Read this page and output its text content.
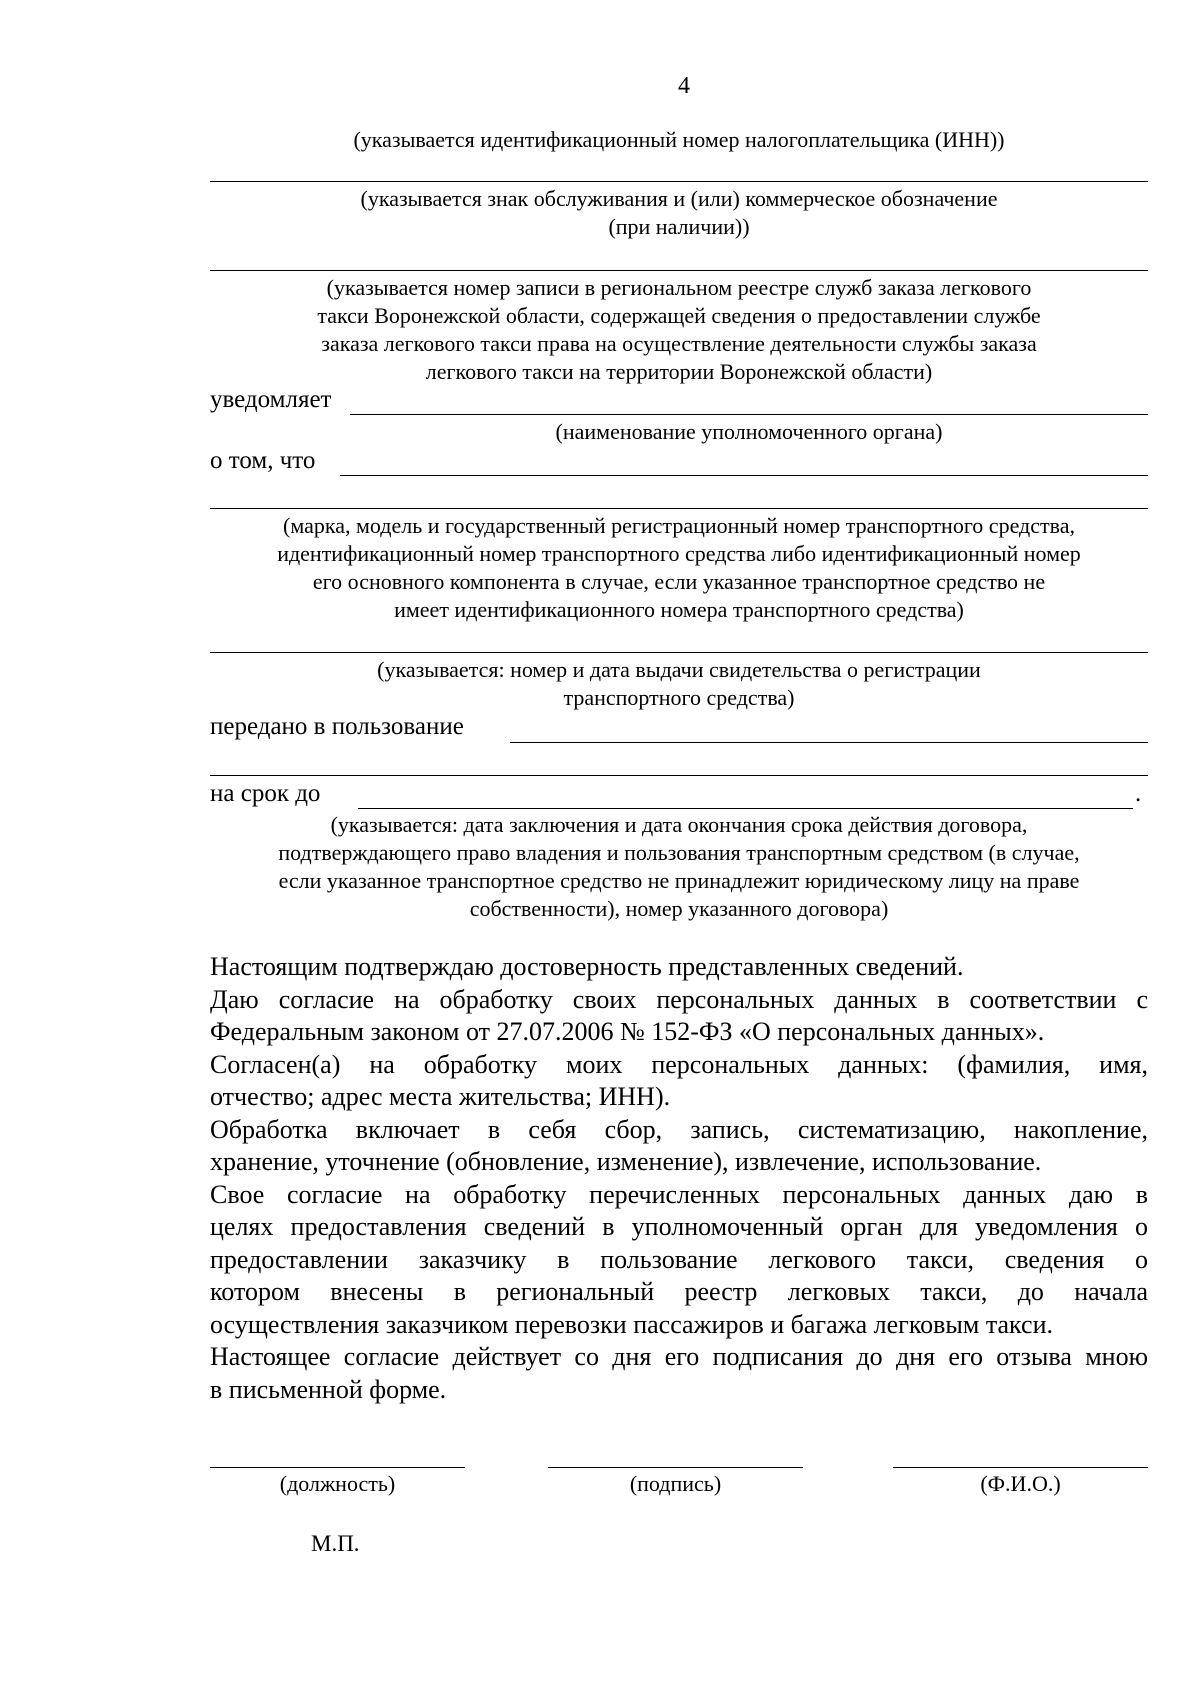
4
(указывается идентификационный номер налогоплательщика (ИНН))
(указывается знак обслуживания и (или) коммерческое обозначение
(при наличии))
(указывается номер записи в региональном реестре служб заказа легкового
такси Воронежской области, содержащей сведения о предоставлении службе
заказа легкового такси права на осуществление деятельности службы заказа
легкового такси на территории Воронежской области)
уведомляет
(наименование уполномоченного органа)
о том, что
(марка, модель и государственный регистрационный номер транспортного средства,
идентификационный номер транспортного средства либо идентификационный номер
его основного компонента в случае, если указанное транспортное средство не
имеет идентификационного номера транспортного средства)
(указывается: номер и дата выдачи свидетельства о регистрации
транспортного средства)
передано в пользование
на срок до	.
(указывается: дата заключения и дата окончания срока действия договора,
подтверждающего право владения и пользования транспортным средством (в случае,
если указанное транспортное средство не принадлежит юридическому лицу на праве
собственности), номер указанного договора)
Настоящим подтверждаю достоверность представленных сведений.
Даю согласие на обработку своих персональных данных в соответствии с
Федеральным законом от 27.07.2006 № 152-ФЗ «О персональных данных».
Согласен(а) на обработку моих персональных данных: (фамилия, имя,
отчество; адрес места жительства; ИНН).
Обработка включает в себя сбор, запись, систематизацию, накопление,
хранение, уточнение (обновление, изменение), извлечение, использование.
Свое согласие на обработку перечисленных персональных данных даю в
целях предоставления сведений в уполномоченный орган для уведомления о
предоставлении заказчику в пользование легкового такси, сведения о
котором внесены в региональный реестр легковых такси, до начала
осуществления заказчиком перевозки пассажиров и багажа легковым такси.
Настоящее согласие действует со дня его подписания до дня его отзыва мною
в письменной форме.
(должность)	(подпись)	(Ф.И.О.)
М.П.
